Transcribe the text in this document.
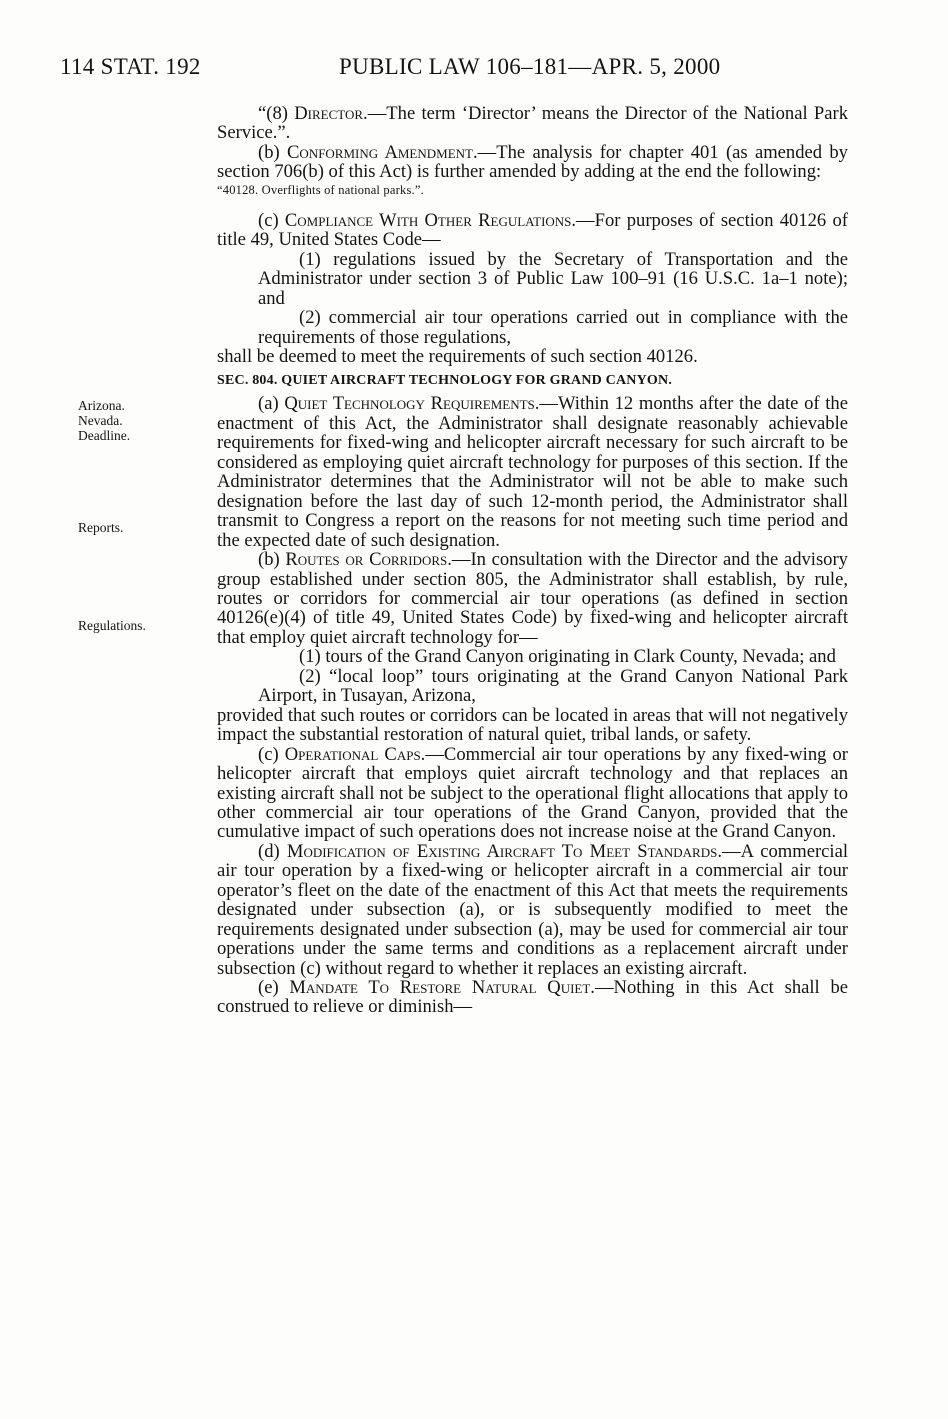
114 STAT. 192	PUBLIC LAW 106–181—APR. 5, 2000
Arizona.
Nevada.
Deadline.
Reports.
Regulations.

“(8) Director.—The term ‘Director’ means the Director of the National Park Service.”.

(b) Conforming Amendment.—The analysis for chapter 401 (as amended by section 706(b) of this Act) is further amended by adding at the end the following:

“40128. Overflights of national parks.”.

(c) Compliance With Other Regulations.—For purposes of section 40126 of title 49, United States Code—

(1) regulations issued by the Secretary of Transportation and the Administrator under section 3 of Public Law 100–91 (16 U.S.C. 1a–1 note); and

(2) commercial air tour operations carried out in compliance with the requirements of those regulations,

shall be deemed to meet the requirements of such section 40126.

SEC. 804. QUIET AIRCRAFT TECHNOLOGY FOR GRAND CANYON.

(a) Quiet Technology Requirements.—Within 12 months after the date of the enactment of this Act, the Administrator shall designate reasonably achievable requirements for fixed-wing and helicopter aircraft necessary for such aircraft to be considered as employing quiet aircraft technology for purposes of this section. If the Administrator determines that the Administrator will not be able to make such designation before the last day of such 12-month period, the Administrator shall transmit to Congress a report on the reasons for not meeting such time period and the expected date of such designation.

(b) Routes or Corridors.—In consultation with the Director and the advisory group established under section 805, the Administrator shall establish, by rule, routes or corridors for commercial air tour operations (as defined in section 40126(e)(4) of title 49, United States Code) by fixed-wing and helicopter aircraft that employ quiet aircraft technology for—

(1) tours of the Grand Canyon originating in Clark County, Nevada; and

(2) “local loop” tours originating at the Grand Canyon National Park Airport, in Tusayan, Arizona,

provided that such routes or corridors can be located in areas that will not negatively impact the substantial restoration of natural quiet, tribal lands, or safety.

(c) Operational Caps.—Commercial air tour operations by any fixed-wing or helicopter aircraft that employs quiet aircraft technology and that replaces an existing aircraft shall not be subject to the operational flight allocations that apply to other commercial air tour operations of the Grand Canyon, provided that the cumulative impact of such operations does not increase noise at the Grand Canyon.

(d) Modification of Existing Aircraft To Meet Standards.—A commercial air tour operation by a fixed-wing or helicopter aircraft in a commercial air tour operator’s fleet on the date of the enactment of this Act that meets the requirements designated under subsection (a), or is subsequently modified to meet the requirements designated under subsection (a), may be used for commercial air tour operations under the same terms and conditions as a replacement aircraft under subsection (c) without regard to whether it replaces an existing aircraft.

(e) Mandate To Restore Natural Quiet.—Nothing in this Act shall be construed to relieve or diminish—
